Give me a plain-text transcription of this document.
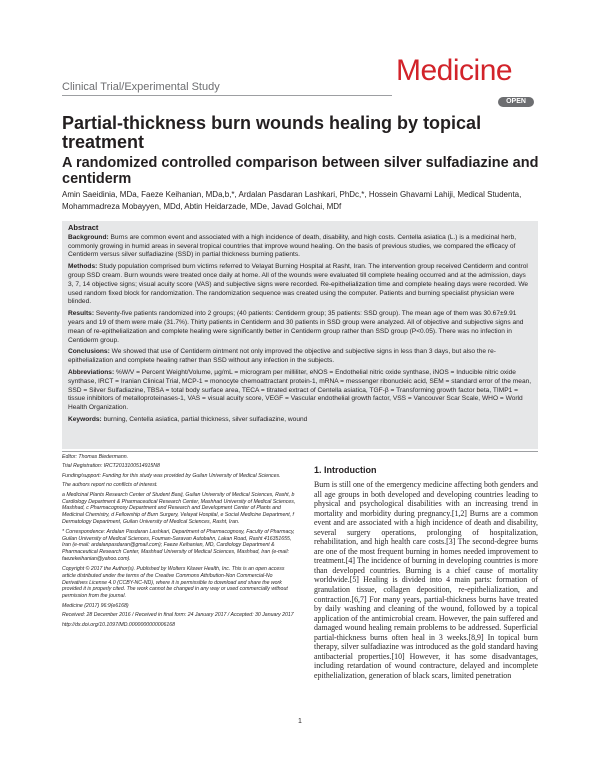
Clinical Trial/Experimental Study	Medicine
OPEN
Partial-thickness burn wounds healing by topical treatment
A randomized controlled comparison between silver sulfadiazine and centiderm
Amin Saeidinia, MDa, Faeze Keihanian, MDa,b,*, Ardalan Pasdaran Lashkari, PhDc,*, Hossein Ghavami Lahiji, Medical Studenta, Mohammadreza Mobayyen, MDd, Abtin Heidarzade, MDe, Javad Golchai, MDf
Abstract

Background: Burns are common event and associated with a high incidence of death, disability, and high costs. Centella asiatica (L.) is a medicinal herb, commonly growing in humid areas in several tropical countries that improve wound healing. On the basis of previous studies, we compared the efficacy of Centiderm versus silver sulfadiazine (SSD) in partial thickness burning patients.

Methods: Study population comprised burn victims referred to Velayat Burning Hospital at Rasht, Iran. The intervention group received Centiderm and control group SSD cream. Burn wounds were treated once daily at home. All of the wounds were evaluated till complete healing occurred and at the admission, days 3, 7, 14 objective signs; visual acuity score (VAS) and subjective signs were recorded. Re-epithelialization time and complete healing days were recorded. We used random fixed block for randomization. The randomization sequence was created using the computer. Patients and burning specialist physician were blinded.

Results: Seventy-five patients randomized into 2 groups; (40 patients: Centiderm group; 35 patients: SSD group). The mean age of them was 30.67±9.91 years and 19 of them were male (31.7%). Thirty patients in Centiderm and 30 patients in SSD group were analyzed. All of objective and subjective signs and mean of re-epithelialization and complete healing were significantly better in Centiderm group rather than SSD group (P<0.05). There was no infection in Centiderm group.

Conclusions: We showed that use of Centiderm ointment not only improved the objective and subjective signs in less than 3 days, but also the re-epithelialization and complete healing rather than SSD without any infection in the subjects.

Abbreviations: %W/V = Percent Weight/Volume, µg/mL = microgram per milliliter, eNOS = Endothelial nitric oxide synthase, iNOS = Inducible nitric oxide synthase, IRCT = Iranian Clinical Trial, MCP-1 = monocyte chemoattractant protein-1, mRNA = messenger ribonucleic acid, SEM = standard error of the mean, SSD = Silver Sulfadiazine, TBSA = total body surface area, TECA = titrated extract of Centella asiatica, TGF-β = Transforming growth factor beta, TIMP1 = tissue inhibitors of metalloproteinases-1, VAS = visual acuity score, VEGF = Vascular endothelial growth factor, VSS = Vancouver Scar Scale, WHO = World Health Organization.

Keywords: burning, Centella asiatica, partial thickness, silver sulfadiazine, wound

Editor: Thomas Biedermann.

Trial Registration: IRCT2013100514915N8

Funding/support: Funding for this study was provided by Guilan University of Medical Sciences.

The authors report no conflicts of interest.

a Medicinal Plants Research Center of Student Basij, Guilan University of Medical Sciences, Rasht, b Cardiology Department & Pharmaceutical Research Center, Mashhad University of Medical Sciences, Mashhad, c Pharmacognosy Department and Research and Development Center of Plants and Medicinal Chemistry, d Fellowship of Burn Surgery, Velayat Hospital, e Social Medicine Department, f Dermatology Department, Guilan University of Medical Sciences, Rasht, Iran.

* Correspondence: Ardalan Pasdaran Lashkari, Department of Pharmacognosy, Faculty of Pharmacy, Guilan University of Medical Sciences, Fouman-Saravan Autobahn, Lakan Road, Rasht 416351655, Iran (e-mail: ardalanpasdaran@gmail.com); Faeze Keihanian, MD, Cardiology Department & Pharmaceutical Research Center, Mashhad University of Medical Sciences, Mashhad, Iran (e-mail: faezekeihanian@yahoo.com).

Copyright © 2017 the Author(s). Published by Wolters Kluwer Health, Inc. This is an open access article distributed under the terms of the Creative Commons Attribution-Non Commercial-No Derivatives License 4.0 (CCBY-NC-ND), where it is permissible to download and share the work provided it is properly cited. The work cannot be changed in any way or used commercially without permission from the journal.

Medicine (2017) 96:9(e6168)

Received: 28 December 2016 / Received in final form: 24 January 2017 / Accepted: 30 January 2017

http://dx.doi.org/10.1097/MD.0000000000006168

1. Introduction
Burn is still one of the emergency medicine affecting both genders and all age groups in both developed and developing countries leading to physical and psychological disabilities with an increasing trend in mortality and morbidity during pregnancy.[1,2] Burns are a common event and are associated with a high incidence of death and disability, several surgery operations, prolonging of hospitalization, rehabilitation, and high health care costs.[3] The second-degree burns are one of the most frequent burning in homes needed improvement to treatment.[4] The incidence of burning in developing countries is more than developed countries. Burning is a chief cause of mortality worldwide.[5] Healing is divided into 4 main parts: formation of granulation tissue, collagen deposition, re-epithelialization, and contraction.[6,7] For many years, partial-thickness burns have treated by daily washing and cleaning of the wound, followed by a topical application of the antimicrobial cream. However, the pain suffered and damaged wound healing remain problems to be addressed. Superficial partial-thickness burns often heal in 3 weeks.[8,9] In topical burn therapy, silver sulfadiazine was introduced as the gold standard having antibacterial properties.[10] However, it has some disadvantages, including retardation of wound contracture, delayed and incomplete epithelialization, generation of black scars, limited penetration
1
